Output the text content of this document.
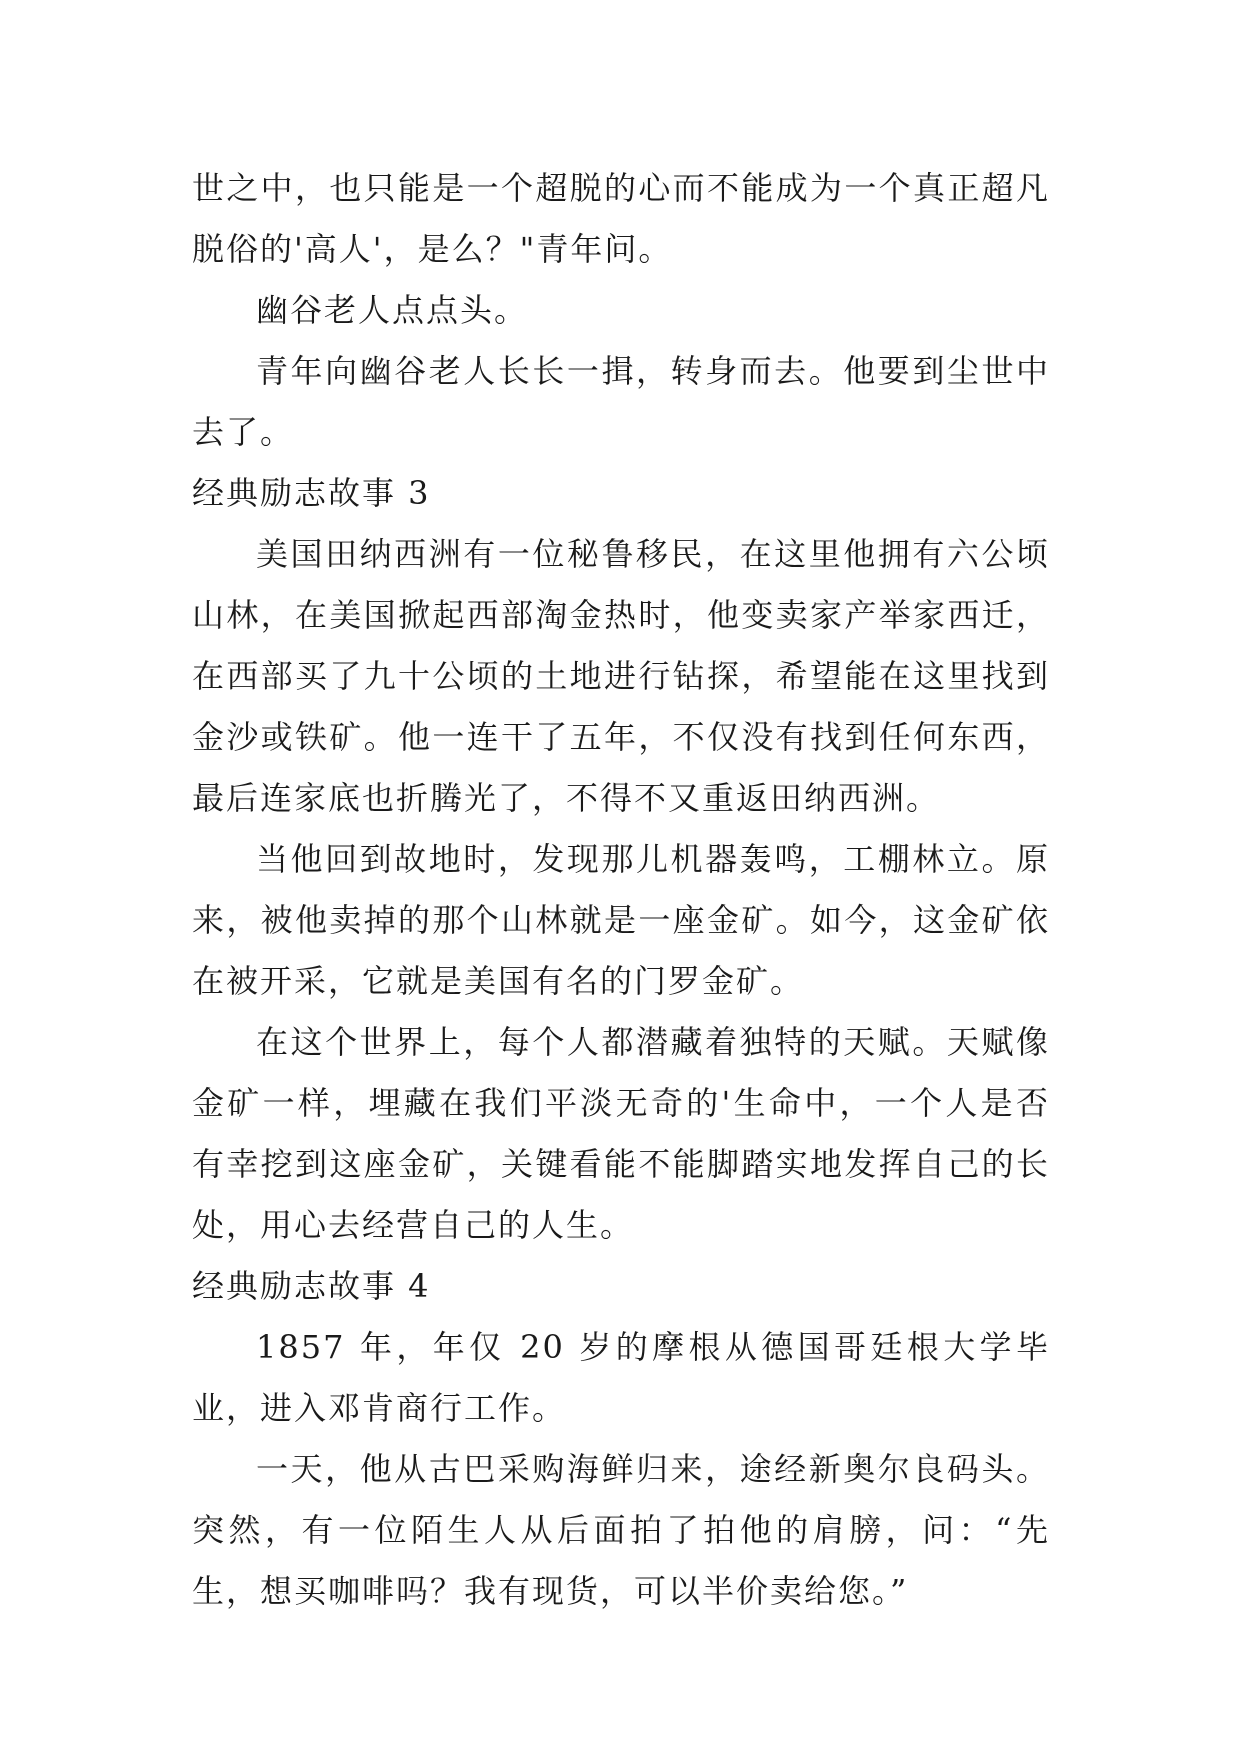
世之中，也只能是一个超脱的心而不能成为一个真正超凡脱俗的'高人'，是么？"青年问。

幽谷老人点点头。

青年向幽谷老人长长一揖，转身而去。他要到尘世中去了。

经典励志故事 3

美国田纳西洲有一位秘鲁移民，在这里他拥有六公顷山林，在美国掀起西部淘金热时，他变卖家产举家西迁，在西部买了九十公顷的土地进行钻探，希望能在这里找到金沙或铁矿。他一连干了五年，不仅没有找到任何东西，最后连家底也折腾光了，不得不又重返田纳西洲。

当他回到故地时，发现那儿机器轰鸣，工棚林立。原来，被他卖掉的那个山林就是一座金矿。如今，这金矿依在被开采，它就是美国有名的门罗金矿。

在这个世界上，每个人都潜藏着独特的天赋。天赋像金矿一样，埋藏在我们平淡无奇的'生命中，一个人是否有幸挖到这座金矿，关键看能不能脚踏实地发挥自己的长处，用心去经营自己的人生。

经典励志故事 4

1857 年，年仅 20 岁的摩根从德国哥廷根大学毕业，进入邓肯商行工作。

一天，他从古巴采购海鲜归来，途经新奥尔良码头。突然，有一位陌生人从后面拍了拍他的肩膀，问：“先生，想买咖啡吗？我有现货，可以半价卖给您。”
